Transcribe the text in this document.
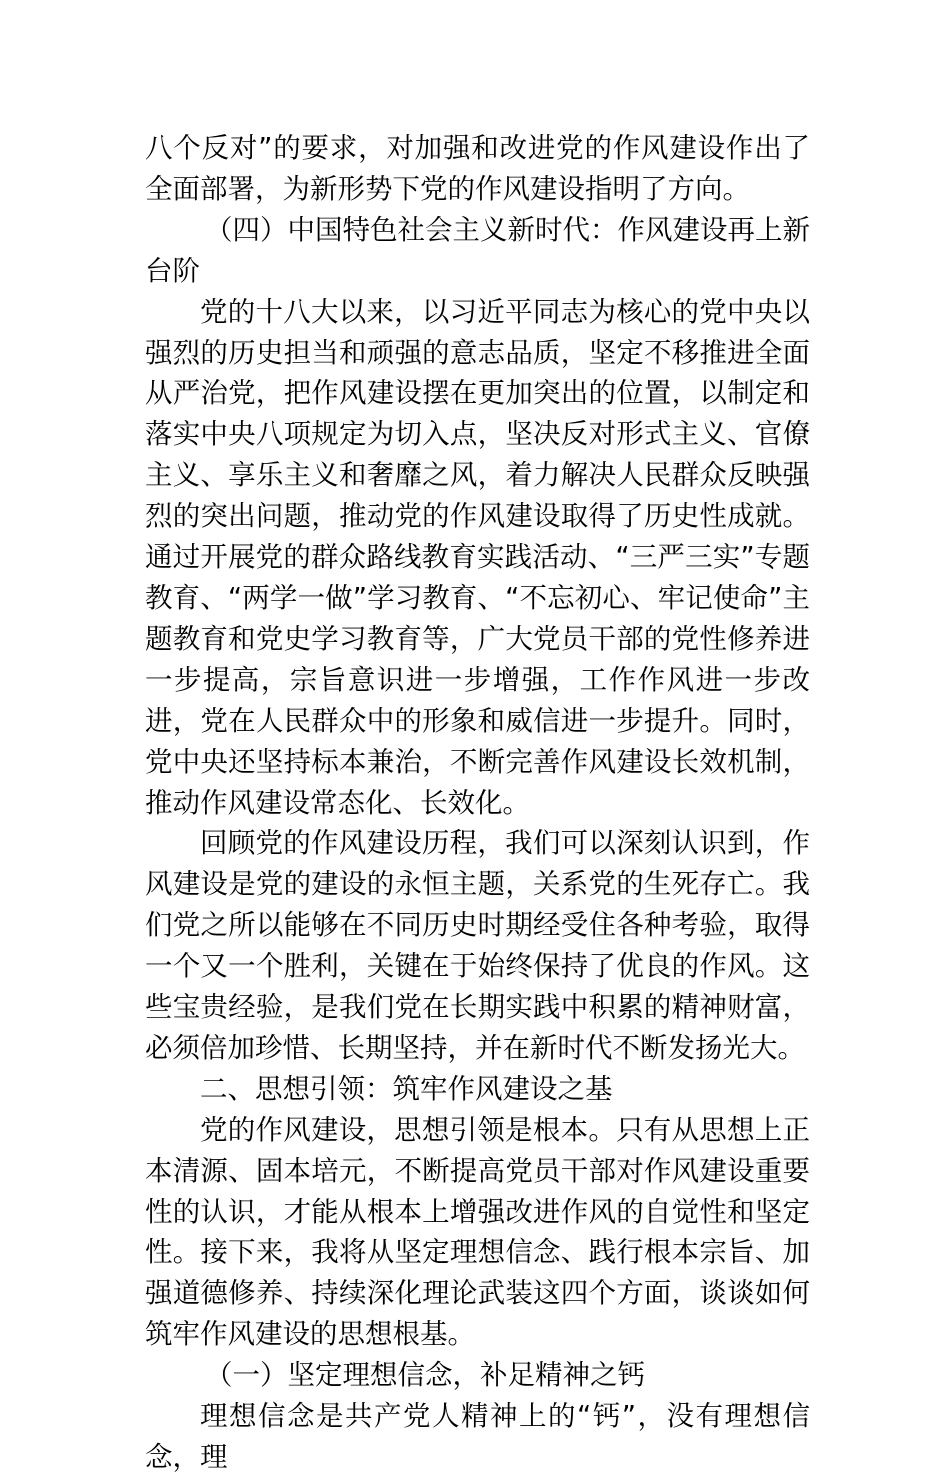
八个反对”的要求，对加强和改进党的作风建设作出了全面部署，为新形势下党的作风建设指明了方向。

（四）中国特色社会主义新时代：作风建设再上新台阶

党的十八大以来，以习近平同志为核心的党中央以强烈的历史担当和顽强的意志品质，坚定不移推进全面从严治党，把作风建设摆在更加突出的位置，以制定和落实中央八项规定为切入点，坚决反对形式主义、官僚主义、享乐主义和奢靡之风，着力解决人民群众反映强烈的突出问题，推动党的作风建设取得了历史性成就。通过开展党的群众路线教育实践活动、“三严三实”专题教育、“两学一做”学习教育、“不忘初心、牢记使命”主题教育和党史学习教育等，广大党员干部的党性修养进一步提高，宗旨意识进一步增强，工作作风进一步改进，党在人民群众中的形象和威信进一步提升。同时，党中央还坚持标本兼治，不断完善作风建设长效机制，推动作风建设常态化、长效化。

回顾党的作风建设历程，我们可以深刻认识到，作风建设是党的建设的永恒主题，关系党的生死存亡。我们党之所以能够在不同历史时期经受住各种考验，取得一个又一个胜利，关键在于始终保持了优良的作风。这些宝贵经验，是我们党在长期实践中积累的精神财富，必须倍加珍惜、长期坚持，并在新时代不断发扬光大。

二、思想引领：筑牢作风建设之基

党的作风建设，思想引领是根本。只有从思想上正本清源、固本培元，不断提高党员干部对作风建设重要性的认识，才能从根本上增强改进作风的自觉性和坚定性。接下来，我将从坚定理想信念、践行根本宗旨、加强道德修养、持续深化理论武装这四个方面，谈谈如何筑牢作风建设的思想根基。

（一）坚定理想信念，补足精神之钙

理想信念是共产党人精神上的“钙”，没有理想信念，理
